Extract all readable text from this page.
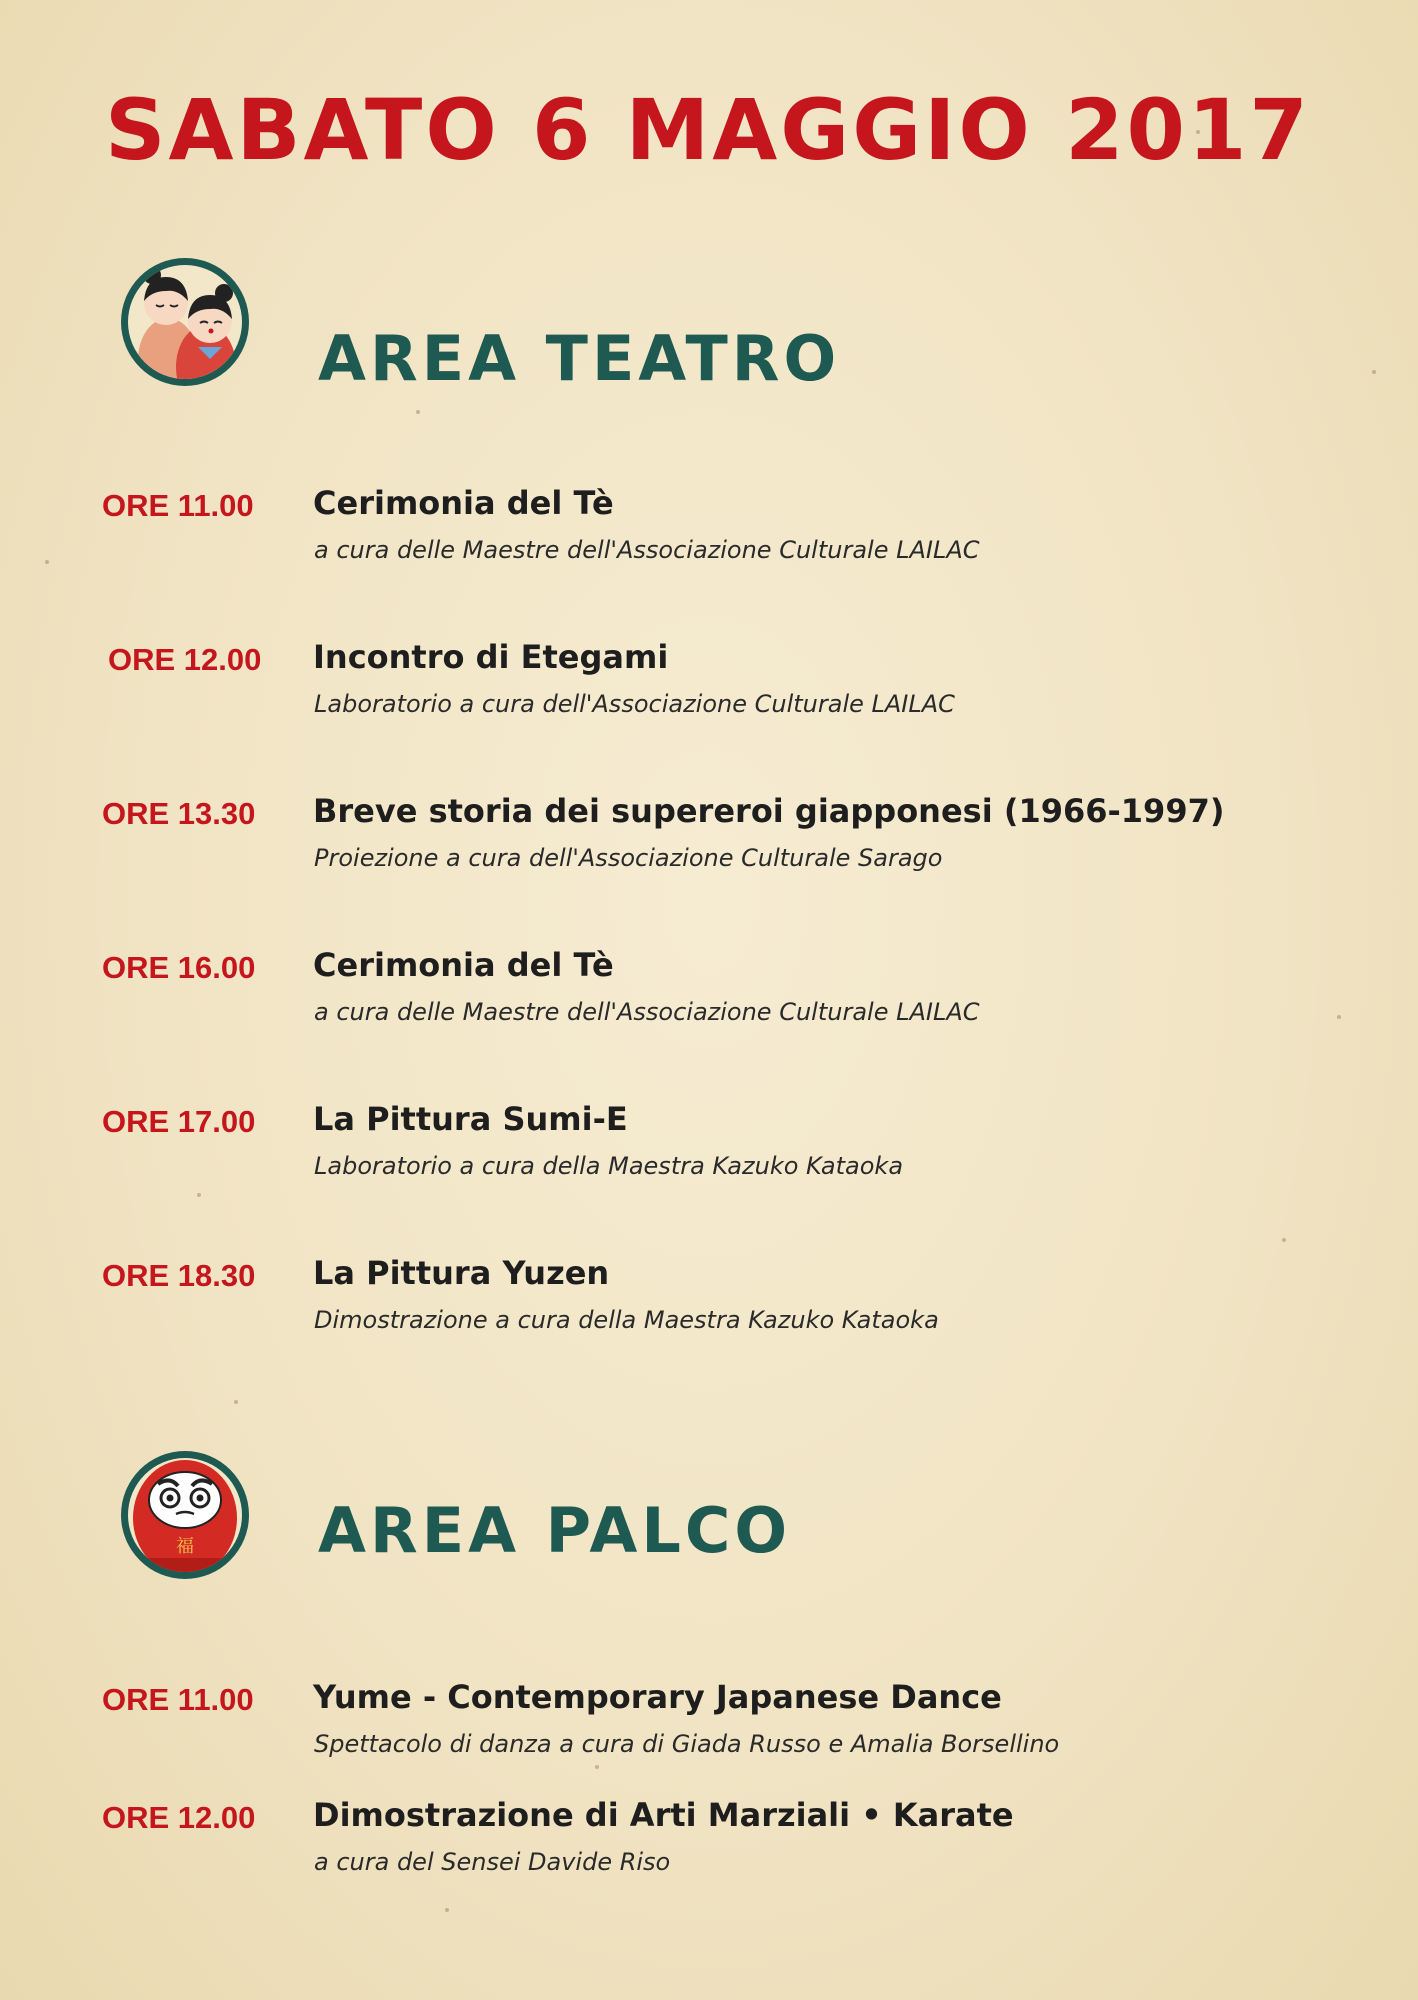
SABATO 6 MAGGIO 2017
AREA TEATRO
ORE 11.00 Cerimonia del Tè
a cura delle Maestre dell'Associazione Culturale LAILAC
ORE 12.00 Incontro di Etegami
Laboratorio a cura dell'Associazione Culturale LAILAC
ORE 13.30 Breve storia dei supereroi giapponesi (1966-1997)
Proiezione a cura dell'Associazione Culturale Sarago
ORE 16.00 Cerimonia del Tè
a cura delle Maestre dell'Associazione Culturale LAILAC
ORE 17.00 La Pittura Sumi-E
Laboratorio a cura della Maestra Kazuko Kataoka
ORE 18.30 La Pittura Yuzen
Dimostrazione a cura della Maestra Kazuko Kataoka
福 AREA PALCO
ORE 11.00 Yume - Contemporary Japanese Dance
Spettacolo di danza a cura di Giada Russo e Amalia Borsellino
ORE 12.00 Dimostrazione di Arti Marziali • Karate
a cura del Sensei Davide Riso
